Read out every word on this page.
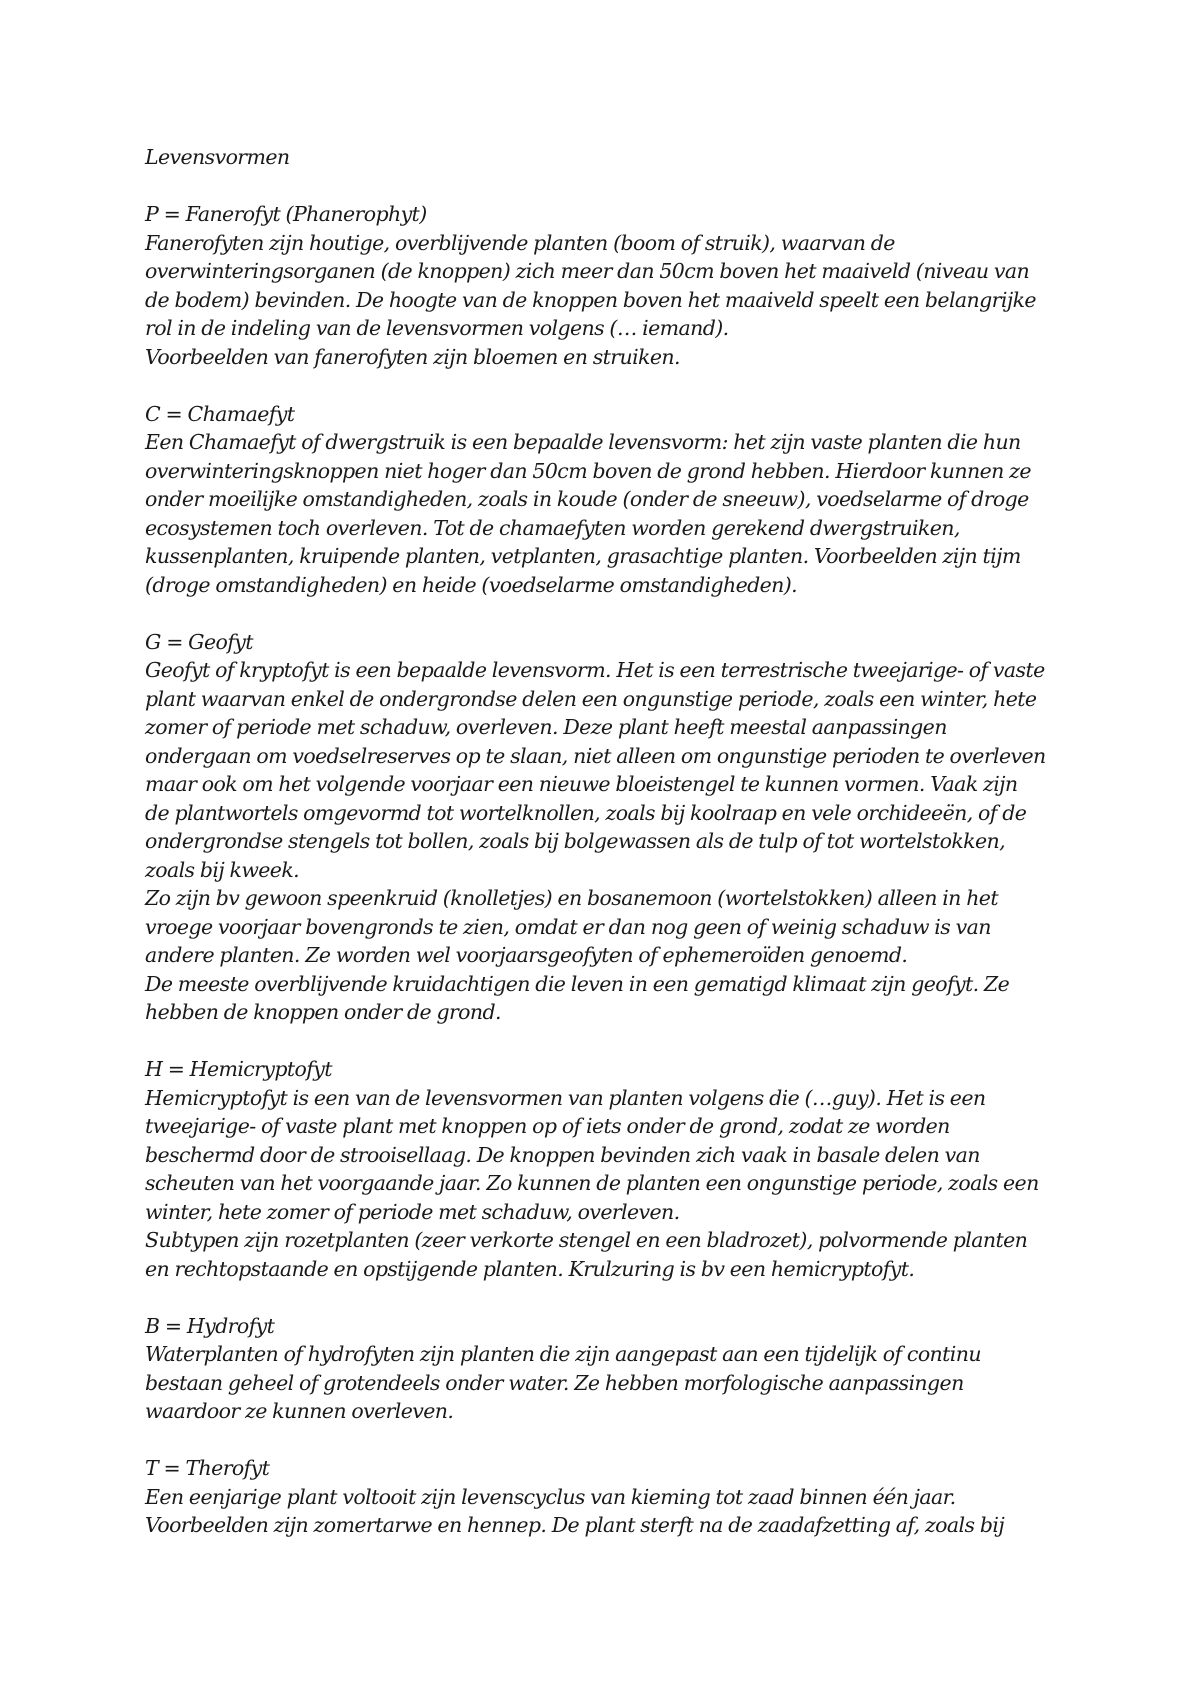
Levensvormen

P = Fanerofyt (Phanerophyt)

Fanerofyten zijn houtige, overblijvende planten (boom of struik), waarvan de
overwinteringsorganen (de knoppen) zich meer dan 50cm boven het maaiveld (niveau van
de bodem) bevinden. De hoogte van de knoppen boven het maaiveld speelt een belangrijke
rol in de indeling van de levensvormen volgens (… iemand).

Voorbeelden van fanerofyten zijn bloemen en struiken.

C = Chamaefyt

Een Chamaefyt of dwergstruik is een bepaalde levensvorm: het zijn vaste planten die hun
overwinteringsknoppen niet hoger dan 50cm boven de grond hebben. Hierdoor kunnen ze
onder moeilijke omstandigheden, zoals in koude (onder de sneeuw), voedselarme of droge
ecosystemen toch overleven. Tot de chamaefyten worden gerekend dwergstruiken,
kussenplanten, kruipende planten, vetplanten, grasachtige planten. Voorbeelden zijn tijm
(droge omstandigheden) en heide (voedselarme omstandigheden).

G = Geofyt

Geofyt of kryptofyt is een bepaalde levensvorm. Het is een terrestrische tweejarige- of vaste
plant waarvan enkel de ondergrondse delen een ongunstige periode, zoals een winter, hete
zomer of periode met schaduw, overleven. Deze plant heeft meestal aanpassingen
ondergaan om voedselreserves op te slaan, niet alleen om ongunstige perioden te overleven
maar ook om het volgende voorjaar een nieuwe bloeistengel te kunnen vormen. Vaak zijn
de plantwortels omgevormd tot wortelknollen, zoals bij koolraap en vele orchideeën, of de
ondergrondse stengels tot bollen, zoals bij bolgewassen als de tulp of tot wortelstokken,
zoals bij kweek.

Zo zijn bv gewoon speenkruid (knolletjes) en bosanemoon (wortelstokken) alleen in het
vroege voorjaar bovengronds te zien, omdat er dan nog geen of weinig schaduw is van
andere planten. Ze worden wel voorjaarsgeofyten of ephemeroïden genoemd.

De meeste overblijvende kruidachtigen die leven in een gematigd klimaat zijn geofyt. Ze
hebben de knoppen onder de grond.

H = Hemicryptofyt

Hemicryptofyt is een van de levensvormen van planten volgens die (…guy). Het is een
tweejarige- of vaste plant met knoppen op of iets onder de grond, zodat ze worden
beschermd door de strooisellaag. De knoppen bevinden zich vaak in basale delen van
scheuten van het voorgaande jaar. Zo kunnen de planten een ongunstige periode, zoals een
winter, hete zomer of periode met schaduw, overleven.

Subtypen zijn rozetplanten (zeer verkorte stengel en een bladrozet), polvormende planten
en rechtopstaande en opstijgende planten. Krulzuring is bv een hemicryptofyt.

B = Hydrofyt

Waterplanten of hydrofyten zijn planten die zijn aangepast aan een tijdelijk of continu
bestaan geheel of grotendeels onder water. Ze hebben morfologische aanpassingen
waardoor ze kunnen overleven.

T = Therofyt

Een eenjarige plant voltooit zijn levenscyclus van kieming tot zaad binnen één jaar.
Voorbeelden zijn zomertarwe en hennep. De plant sterft na de zaadafzetting af, zoals bij
